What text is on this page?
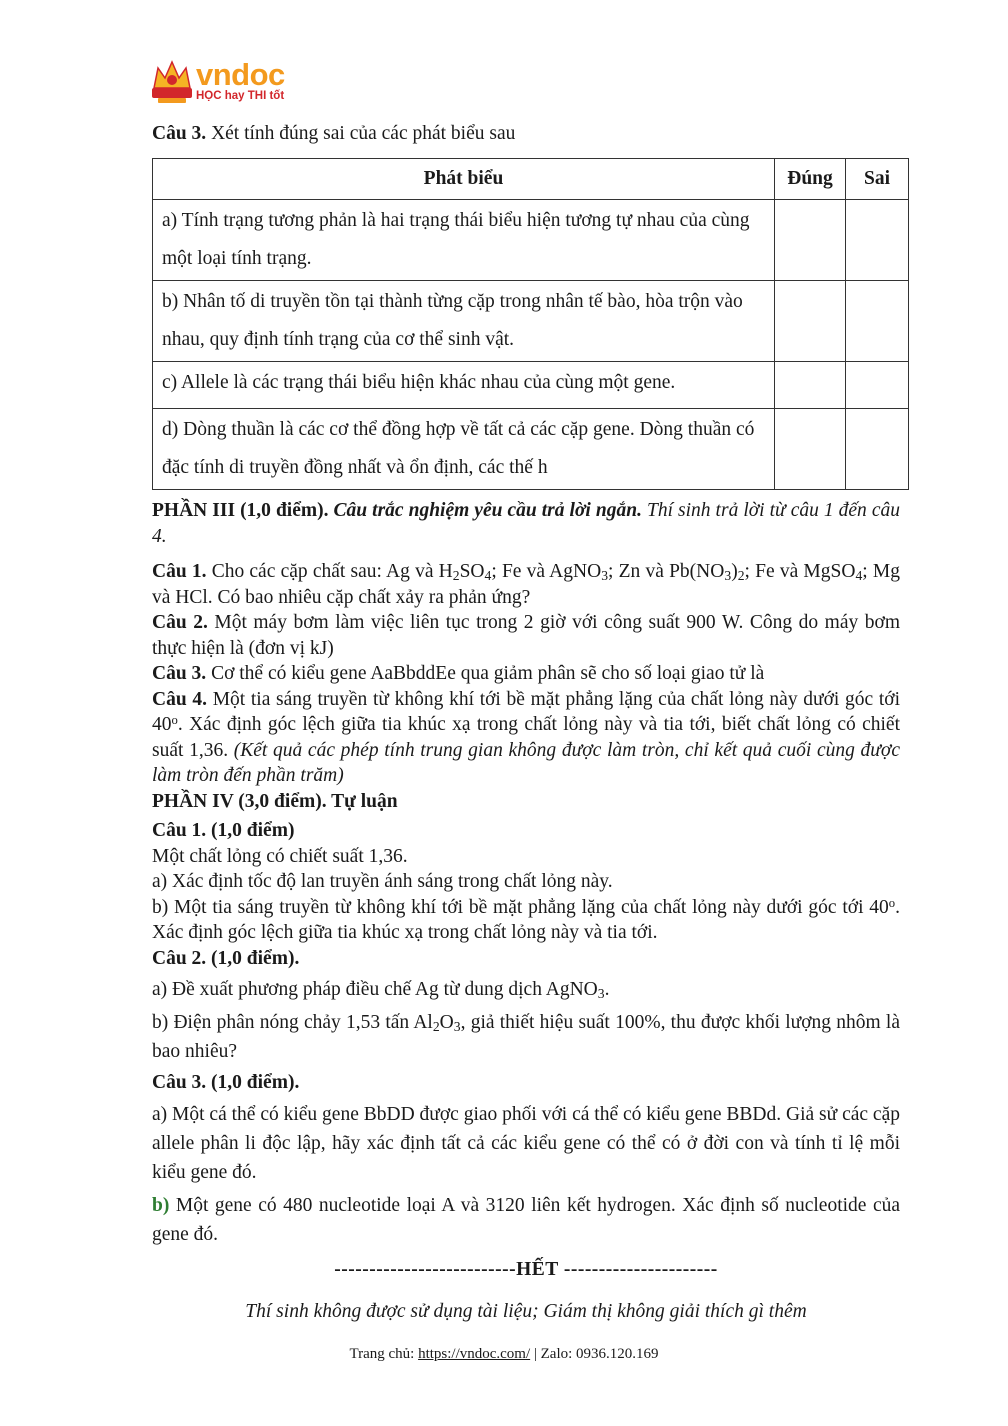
vndoc
HỌC hay THI tốt

Câu 3. Xét tính đúng sai của các phát biểu sau

Phát biểu	Đúng	Sai
a) Tính trạng tương phản là hai trạng thái biểu hiện tương tự nhau của cùng một loại tính trạng.		
b) Nhân tố di truyền tồn tại thành từng cặp trong nhân tế bào, hòa trộn vào nhau, quy định tính trạng của cơ thể sinh vật.		
c) Allele là các trạng thái biểu hiện khác nhau của cùng một gene.		
d) Dòng thuần là các cơ thể đồng hợp về tất cả các cặp gene. Dòng thuần có đặc tính di truyền đồng nhất và ổn định, các thế h		

PHẦN III (1,0 điểm). Câu trắc nghiệm yêu cầu trả lời ngắn. Thí sinh trả lời từ câu 1 đến câu 4.

Câu 1. Cho các cặp chất sau: Ag và $H_2SO_4$; Fe và AgNO$_3$; Zn và $Pb(NO_3)_2$; Fe và MgSO$_4$; Mg và HCl. Có bao nhiêu cặp chất xảy ra phản ứng?

Câu 2. Một máy bơm làm việc liên tục trong 2 giờ với công suất 900 W. Công do máy bơm thực hiện là (đơn vị kJ)

Câu 3. Cơ thể có kiểu gene AaBbddEe qua giảm phân sẽ cho số loại giao tử là

Câu 4. Một tia sáng truyền từ không khí tới bề mặt phẳng lặng của chất lỏng này dưới góc tới 40$^o$. Xác định góc lệch giữa tia khúc xạ trong chất lỏng này và tia tới, biết chất lỏng có chiết suất 1,36. (Kết quả các phép tính trung gian không được làm tròn, chỉ kết quả cuối cùng được làm tròn đến phần trăm)

PHẦN IV (3,0 điểm). Tự luận

Câu 1. (1,0 điểm)

Một chất lỏng có chiết suất 1,36.

a) Xác định tốc độ lan truyền ánh sáng trong chất lỏng này.

b) Một tia sáng truyền từ không khí tới bề mặt phẳng lặng của chất lỏng này dưới góc tới 40$^o$. Xác định góc lệch giữa tia khúc xạ trong chất lỏng này và tia tới.

Câu 2. (1,0 điểm).

a) Đề xuất phương pháp điều chế Ag từ dung dịch AgNO$_3$.

b) Điện phân nóng chảy 1,53 tấn $Al_2O_3$, giả thiết hiệu suất 100%, thu được khối lượng nhôm là bao nhiêu?

Câu 3. (1,0 điểm).

a) Một cá thể có kiểu gene BbDD được giao phối với cá thể có kiểu gene BBDd. Giả sử các cặp allele phân li độc lập, hãy xác định tất cả các kiểu gene có thể có ở đời con và tính tỉ lệ mỗi kiểu gene đó.

b) Một gene có 480 nucleotide loại A và 3120 liên kết hydrogen. Xác định số nucleotide của gene đó.

--------------------------HẾT ----------------------

Thí sinh không được sử dụng tài liệu; Giám thị không giải thích gì thêm

Trang chủ: https://vndoc.com/ | Zalo: 0936.120.169
